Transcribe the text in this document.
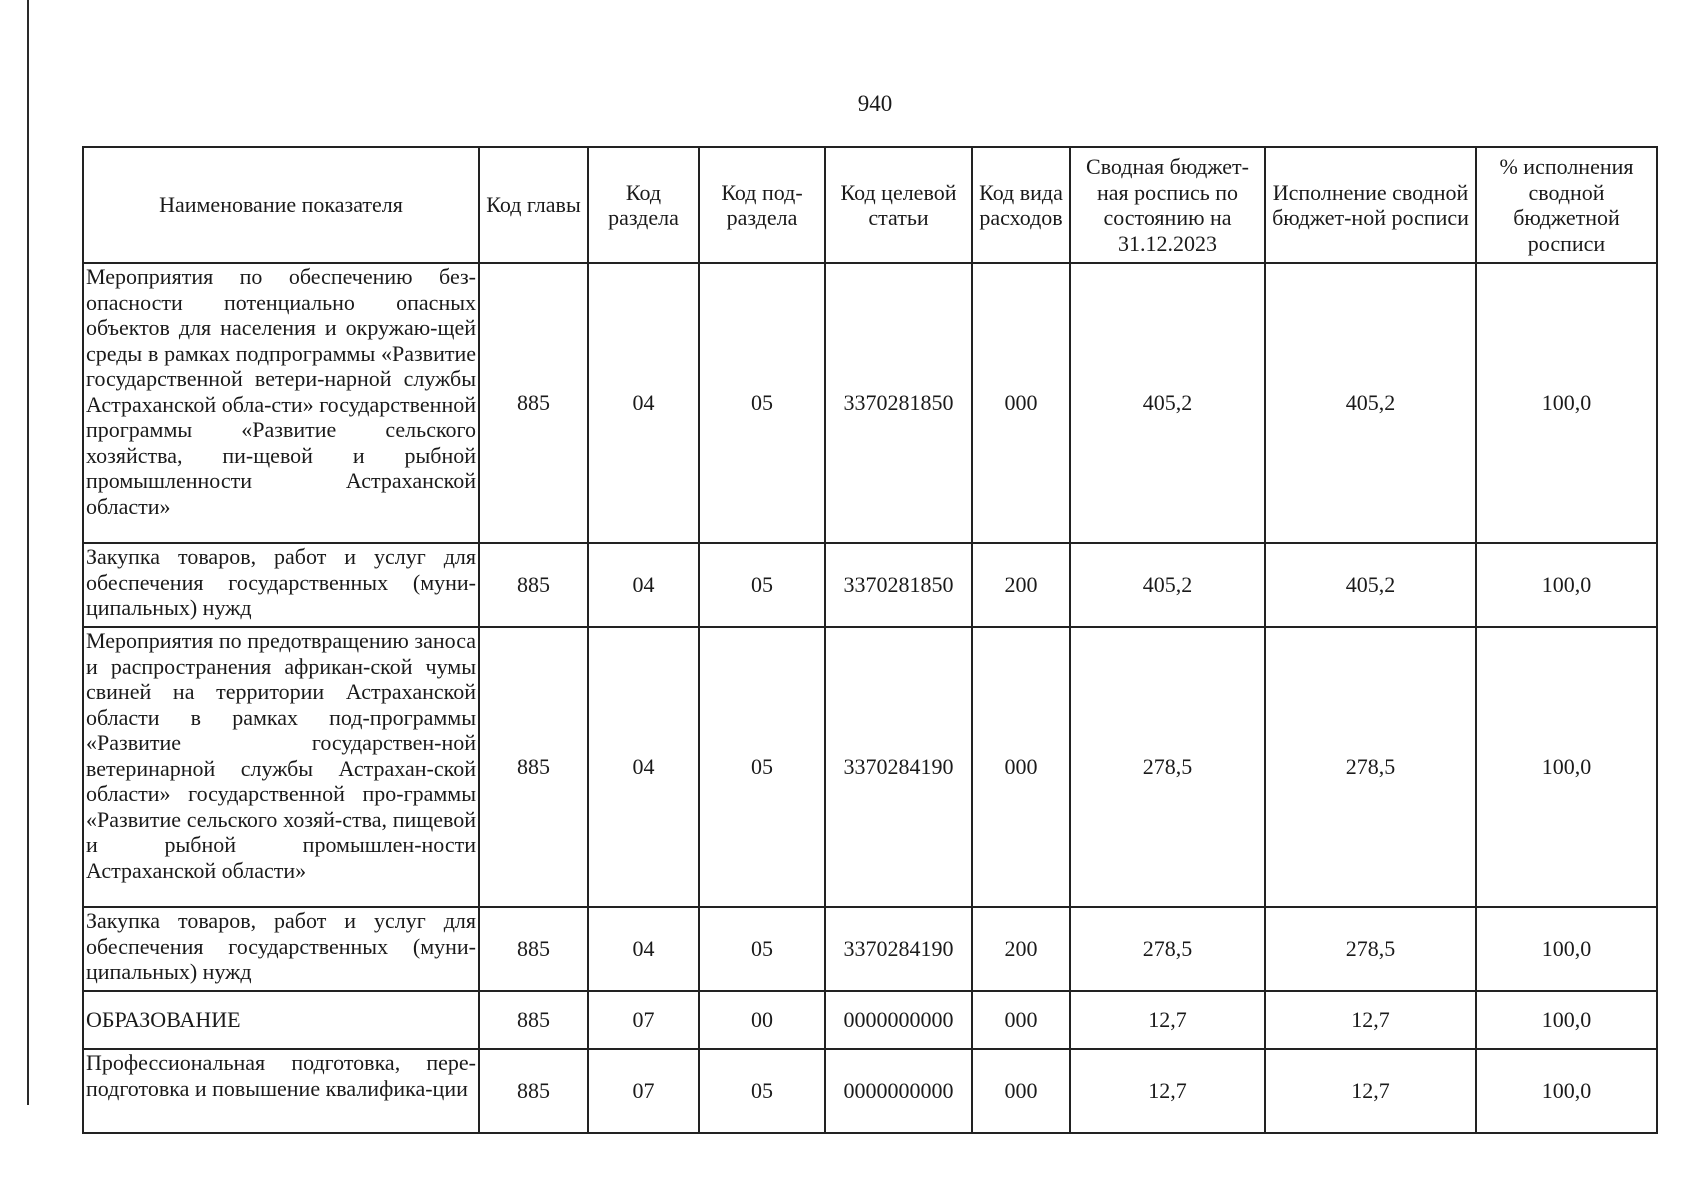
940
Наименование показателя	Код главы	Код раздела	Код под-раздела	Код целевой статьи	Код вида расходов	Сводная бюджет-ная роспись по состоянию на 31.12.2023	Исполнение сводной бюджет-ной росписи	% исполнения сводной бюджетной росписи
Мероприятия по обеспечению без-опасности потенциально опасных объектов для населения и окружаю-щей среды в рамках подпрограммы «Развитие государственной ветери-нарной службы Астраханской обла-сти» государственной программы «Развитие сельского хозяйства, пи-щевой и рыбной промышленности Астраханской области»	885	04	05	3370281850	000	405,2	405,2	100,0
Закупка товаров, работ и услуг для обеспечения государственных (муни-ципальных) нужд	885	04	05	3370281850	200	405,2	405,2	100,0
Мероприятия по предотвращению заноса и распространения африкан-ской чумы свиней на территории Астраханской области в рамках под-программы «Развитие государствен-ной ветеринарной службы Астрахан-ской области» государственной про-граммы «Развитие сельского хозяй-ства, пищевой и рыбной промышлен-ности Астраханской области»	885	04	05	3370284190	000	278,5	278,5	100,0
Закупка товаров, работ и услуг для обеспечения государственных (муни-ципальных) нужд	885	04	05	3370284190	200	278,5	278,5	100,0
ОБРАЗОВАНИЕ	885	07	00	0000000000	000	12,7	12,7	100,0
Профессиональная подготовка, пере-подготовка и повышение квалифика-ции	885	07	05	0000000000	000	12,7	12,7	100,0
